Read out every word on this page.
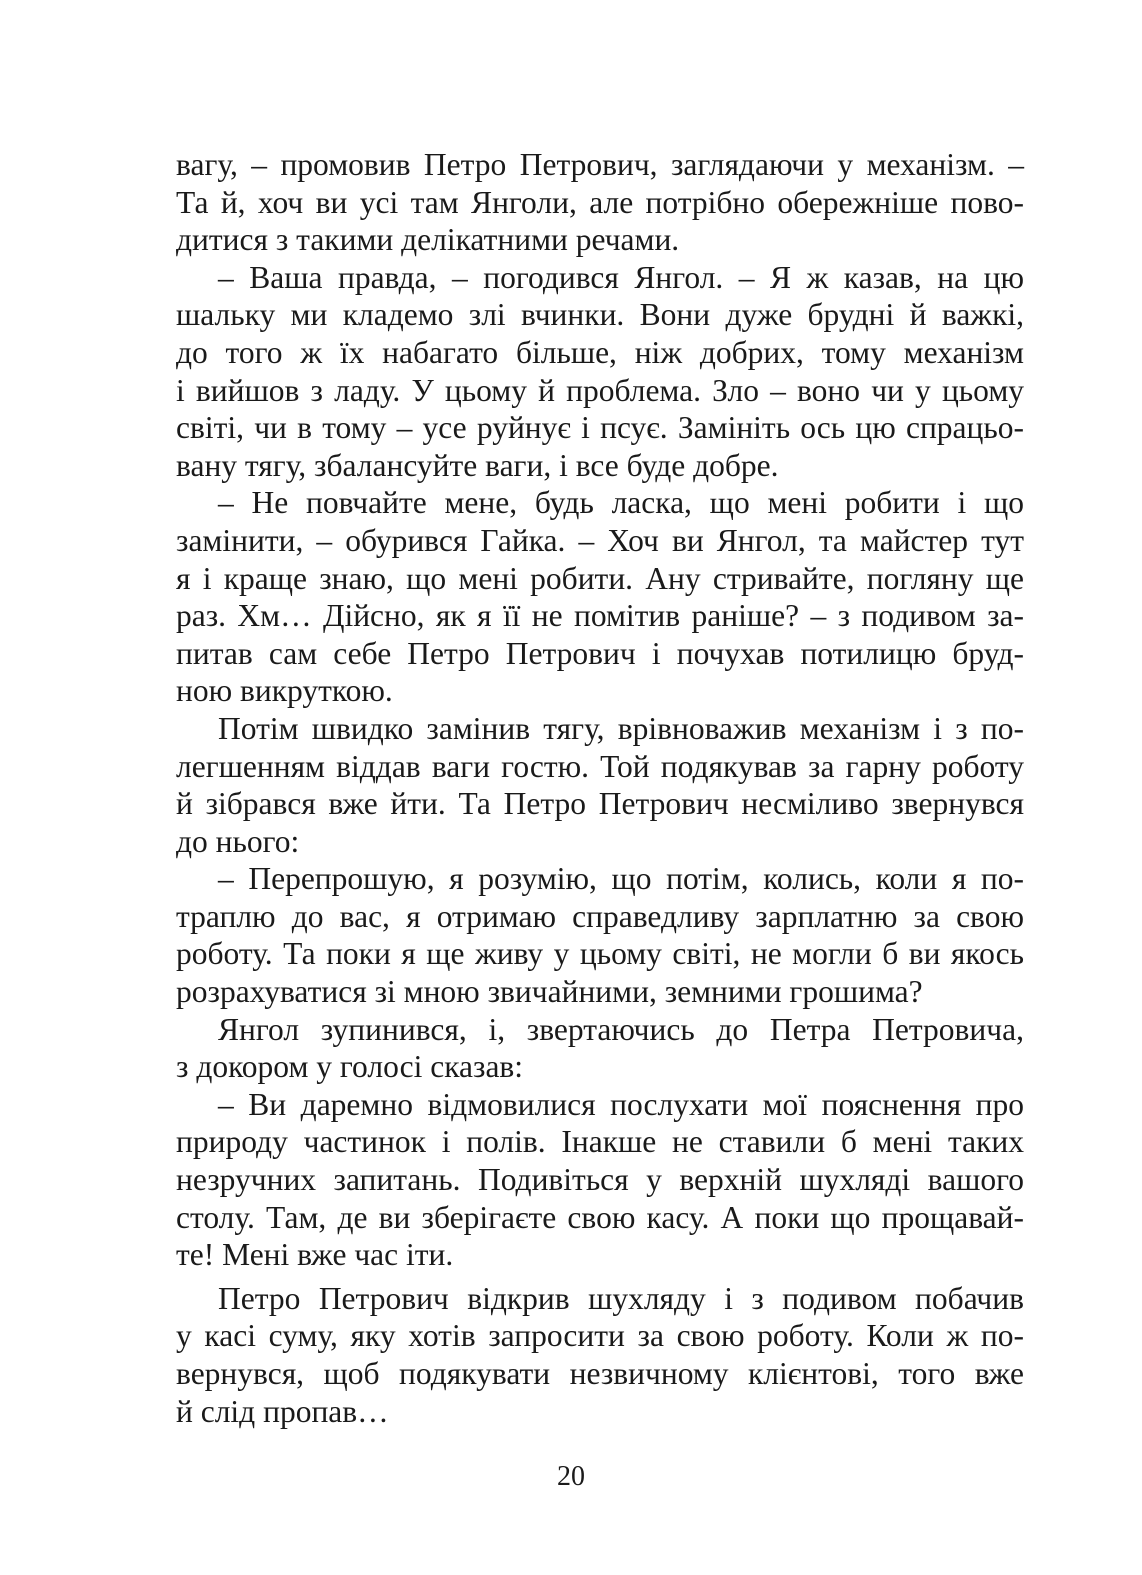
вагу, – промовив Петро Петрович, заглядаючи у механізм. –
Та й, хоч ви усі там Янголи, але потрібно обережніше пово-
дитися з такими делікатними речами.
– Ваша правда, – погодився Янгол. – Я ж казав, на цю
шальку ми кладемо злі вчинки. Вони дуже брудні й важкі,
до того ж їх набагато більше, ніж добрих, тому механізм
і вийшов з ладу. У цьому й проблема. Зло – воно чи у цьому
світі, чи в тому – усе руйнує і псує. Замініть ось цю спрацьо-
вану тягу, збалансуйте ваги, і все буде добре.
– Не повчайте мене, будь ласка, що мені робити і що
замінити, – обурився Гайка. – Хоч ви Янгол, та майстер тут
я і краще знаю, що мені робити. Ану стривайте, погляну ще
раз. Хм… Дійсно, як я її не помітив раніше? – з подивом за-
питав сам себе Петро Петрович і почухав потилицю бруд-
ною викруткою.
Потім швидко замінив тягу, врівноважив механізм і з по-
легшенням віддав ваги гостю. Той подякував за гарну роботу
й зібрався вже йти. Та Петро Петрович несміливо звернувся
до нього:
– Перепрошую, я розумію, що потім, колись, коли я по-
траплю до вас, я отримаю справедливу зарплатню за свою
роботу. Та поки я ще живу у цьому світі, не могли б ви якось
розрахуватися зі мною звичайними, земними грошима?
Янгол зупинився, і, звертаючись до Петра Петровича,
з докором у голосі сказав:
– Ви даремно відмовилися послухати мої пояснення про
природу частинок і полів. Інакше не ставили б мені таких
незручних запитань. Подивіться у верхній шухляді вашого
столу. Там, де ви зберігаєте свою касу. А поки що прощавай-
те! Мені вже час іти.
Петро Петрович відкрив шухляду і з подивом побачив
у касі суму, яку хотів запросити за свою роботу. Коли ж по-
вернувся, щоб подякувати незвичному клієнтові, того вже
й слід пропав…
20
